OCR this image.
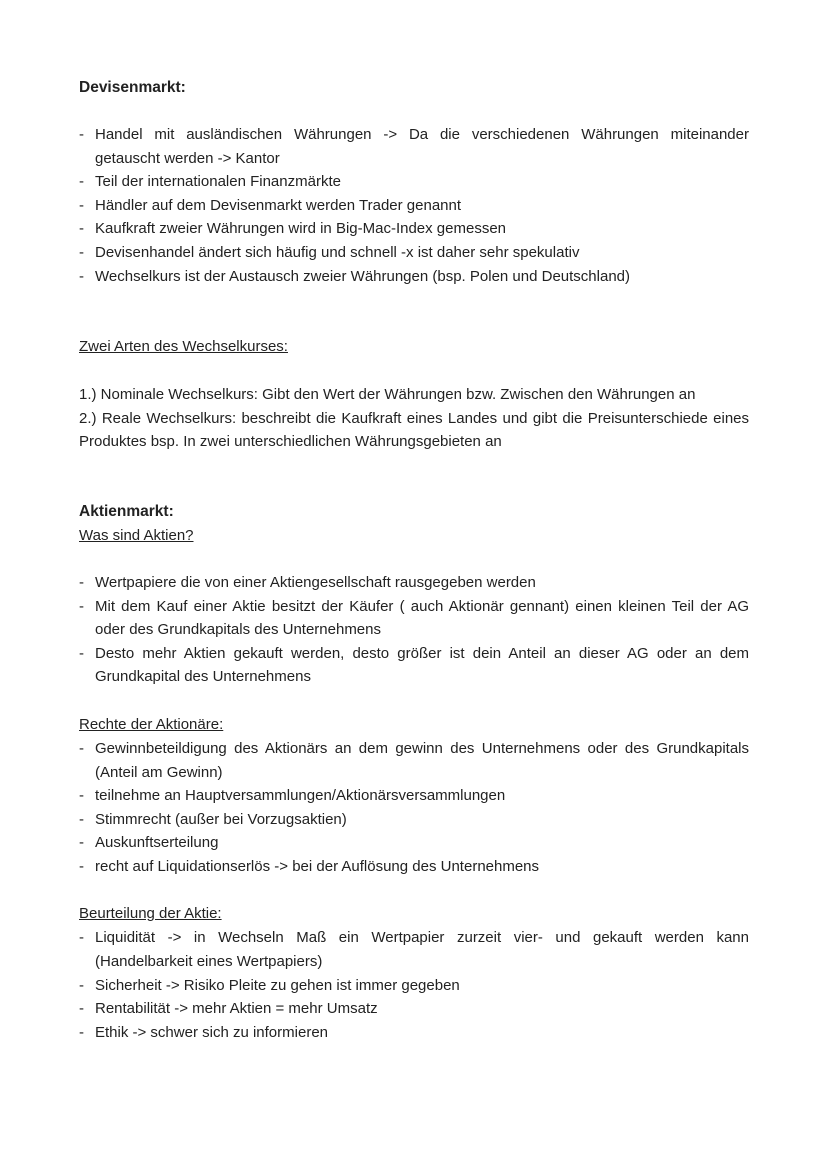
Devisenmarkt:
- Handel mit ausländischen Währungen -> Da die verschiedenen Währungen miteinander getauscht werden -> Kantor
- Teil der internationalen Finanzmärkte
- Händler auf dem Devisenmarkt werden Trader genannt
- Kaufkraft zweier Währungen wird in Big-Mac-Index gemessen
- Devisenhandel ändert sich häufig und schnell -x ist daher sehr spekulativ
- Wechselkurs ist der Austausch zweier Währungen (bsp. Polen und Deutschland)

Zwei Arten des Wechselkurses:

1.) Nominale Wechselkurs: Gibt den Wert der Währungen bzw. Zwischen den Währungen an

2.) Reale Wechselkurs: beschreibt die Kaufkraft eines Landes und gibt die Preisunterschiede eines Produktes bsp. In zwei unterschiedlichen Währungsgebieten an

Aktienmarkt:

Was sind Aktien?

- Wertpapiere die von einer Aktiengesellschaft rausgegeben werden
- Mit dem Kauf einer Aktie besitzt der Käufer ( auch Aktionär gennant) einen kleinen Teil der AG oder des Grundkapitals des Unternehmens
- Desto mehr Aktien gekauft werden, desto größer ist dein Anteil an dieser AG oder an dem Grundkapital des Unternehmens

Rechte der Aktionäre:

- Gewinnbeteildigung des Aktionärs an dem gewinn des Unternehmens oder des Grundkapitals (Anteil am Gewinn)
- teilnehme an Hauptversammlungen/Aktionärsversammlungen
- Stimmrecht (außer bei Vorzugsaktien)
- Auskunftserteilung
- recht auf Liquidationserlös -> bei der Auflösung des Unternehmens

Beurteilung der Aktie:

- Liquidität -> in Wechseln Maß ein Wertpapier zurzeit vier- und gekauft werden kann (Handelbarkeit eines Wertpapiers)
- Sicherheit -> Risiko Pleite zu gehen ist immer gegeben
- Rentabilität -> mehr Aktien = mehr Umsatz
- Ethik -> schwer sich zu informieren
